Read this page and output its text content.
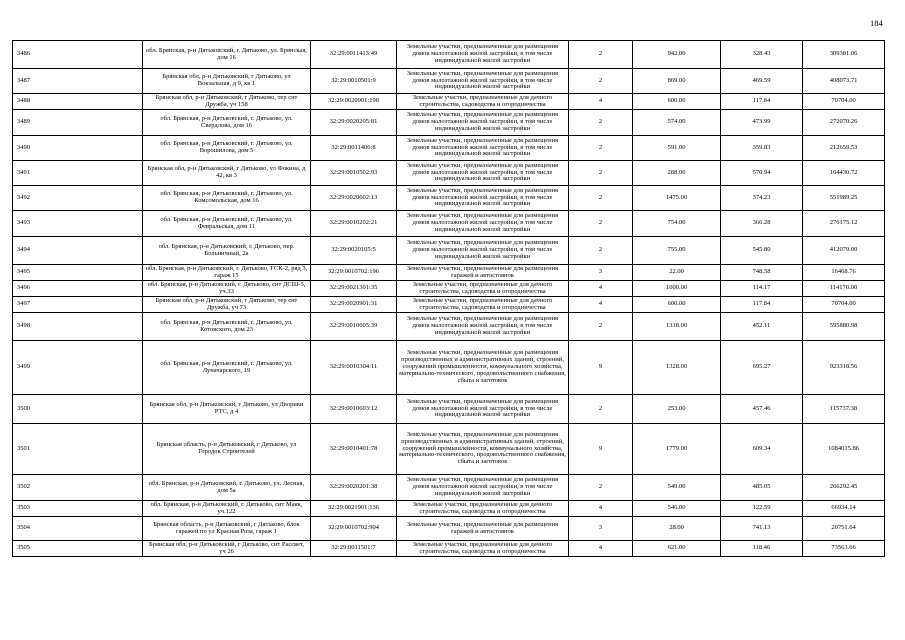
184
3486	обл. Брянская, р-н Дятьковский, г. Дятьково, ул. Брянская, дом 16	32:29:0011413:49	Земельные участки, предназначенные для размещения домов малоэтажной жилой застройки, в том числе индивидуальной жилой застройки	2	942.00	328.43	309381.06
3487	Брянская обл, р-н Дятьковский, г Дятьково, ул Вокзальная, д 9, кв 1	32:29:0010501:9	Земельные участки, предназначенные для размещения домов малоэтажной жилой застройки, в том числе индивидуальной жилой застройки	2	869.00	469.59	408073.71
3488	Брянская обл, р-н Дятьковский, г Дятьково, тер снт Дружба, уч 158	32:29:0020901:198	Земельные участки, предназначенные для дачного строительства, садоводства и огородничества	4	600.00	117.84	70704.00
3489	обл. Брянская, р-н Дятьковский, г. Дятьково, ул. Свердлова, дом 16	32:29:0020205:81	Земельные участки, предназначенные для размещения домов малоэтажной жилой застройки, в том числе индивидуальной жилой застройки	2	574.00	473.99	272070.26
3490	обл. Брянская, р-н Дятьковский, г. Дятьково, ул. Ворошилова, дом 5	32:29:0011406:8	Земельные участки, предназначенные для размещения домов малоэтажной жилой застройки, в том числе индивидуальной жилой застройки	2	591.00	359.83	212659.53
3491	Брянская обл, р-н Дятьковский, г Дятьково, ул Фокина, д 42, кв 3	32:29:0010502:93	Земельные участки, предназначенные для размещения домов малоэтажной жилой застройки, в том числе индивидуальной жилой застройки	2	288.00	570.94	164430.72
3492	обл. Брянская, р-н Дятьковский, г. Дятьково, ул. Комсомольская, дом 16	32:29:0020602:13	Земельные участки, предназначенные для размещения домов малоэтажной жилой застройки, в том числе индивидуальной жилой застройки	2	1475.00	374.23	551989.25
3493	обл. Брянская, р-н Дятьковский, г. Дятьково, ул. Февральская, дом 11	32:29:0010202:21	Земельные участки, предназначенные для размещения домов малоэтажной жилой застройки, в том числе индивидуальной жилой застройки	2	754.00	366.28	276175.12
3494	обл. Брянская, р-н Дятьковский, г. Дятьково, пер. Больничный, 2а	32:29:0020105:5	Земельные участки, предназначенные для размещения домов малоэтажной жилой застройки, в том числе индивидуальной жилой застройки	2	755.00	545.80	412079.00
3495	обл. Брянская, р-н Дятьковский, г. Дятьково, ГСК-2, ряд 3, гараж 15	32:29:0010702:196	Земельные участки, предназначенные для размещения гаражей и автостоянок	3	22.00	748.58	16468.76
3496	обл. Брянская, р-н Дятьковский, г. Дятьково, снт ДСШ-3, уч.33	32:29:0021301:35	Земельные участки, предназначенные для дачного строительства, садоводства и огородничества	4	1000.00	114.17	114170.00
3497	Брянская обл, р-н Дятьковский, г Дятьково, тер снт Дружба, уч 73	32:29:0020901:31	Земельные участки, предназначенные для дачного строительства, садоводства и огородничества	4	600.00	117.84	70704.00
3498	обл. Брянская, р-н Дятьковский, г. Дятьково, ул. Котовского, дом 23	32:29:0010605:39	Земельные участки, предназначенные для размещения домов малоэтажной жилой застройки, в том числе индивидуальной жилой застройки	2	1318.00	452.11	595880.98
3499	обл. Брянская, р-н Дятьковский, г. Дятьково, ул. Луначарского, 19	32:29:0010304:11	Земельные участки, предназначенные для размещения производственных и административных зданий, строений, сооружений промышленности, коммунального хозяйства, материально-технического, продовольственного снабжения, сбыта и заготовок	9	1328.00	695.27	923318.56
3500	Брянская обл, р-н Дятьковский, г Дятьково, ул Дворики РТС, д 4	32:29:0010603:12	Земельные участки, предназначенные для размещения домов малоэтажной жилой застройки, в том числе индивидуальной жилой застройки	2	253.00	457.46	115737.38
3501	Брянская область, р-н Дятьковский, г Дятьково, ул Городок Строителей	32:29:0010401:78	Земельные участки, предназначенные для размещения производственных и административных зданий, строений, сооружений промышленности, коммунального хозяйства, материально-технического, продовольственного снабжения, сбыта и заготовок	9	1779.00	609.34	1084015.86
3502	обл. Брянская, р-н Дятьковский, г. Дятьково, ул. Лесная, дом 5а	32:29:0020201:38	Земельные участки, предназначенные для размещения домов малоэтажной жилой застройки, в том числе индивидуальной жилой застройки	2	549.00	485.05	266292.45
3503	обл. Брянская, р-н Дятьковский, г. Дятьково, снт Маяк, уч.122	32:29:0021901:136	Земельные участки, предназначенные для дачного строительства, садоводства и огородничества	4	546.00	122.59	66934.14
3504	Брянская область, р-н Дятьковский, г Дятьково, блок гаражей по ул Красная Роза, гараж 1	32:29:0010702:904	Земельные участки, предназначенные для размещения гаражей и автостоянок	3	28.00	741.13	20751.64
3505	Брянская обл, р-н Дятьковский, г Дятьково, снт Рассвет, уч 26	32:29:0011501:7	Земельные участки, предназначенные для дачного строительства, садоводства и огородничества	4	621.00	118.46	73563.66
